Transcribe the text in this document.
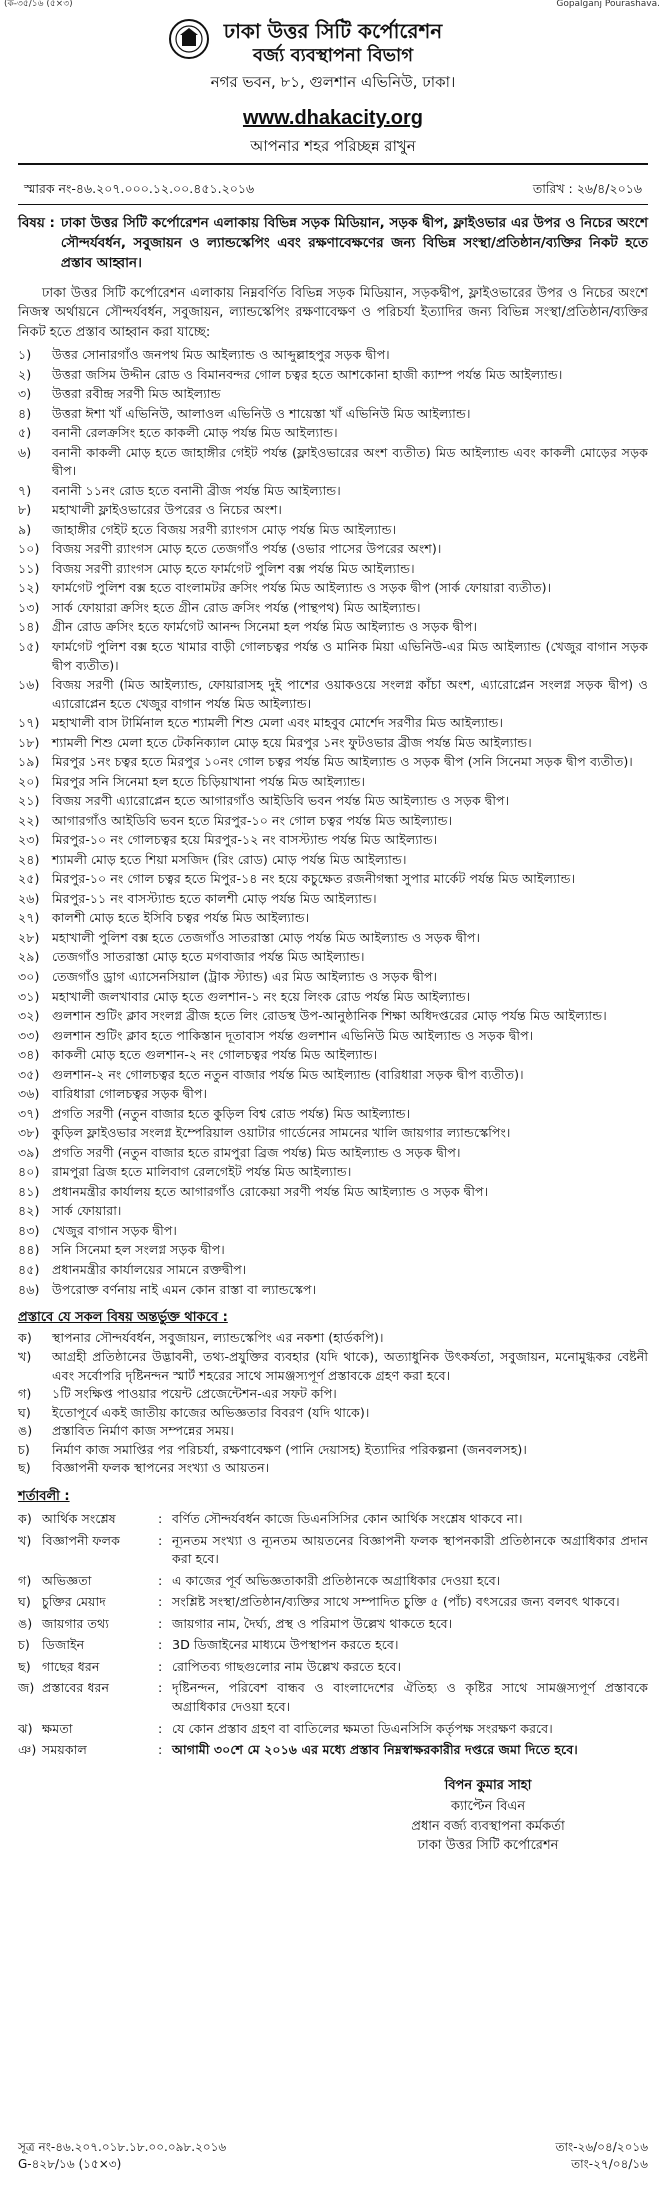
(ক-৩৫/১৬ (৫×৩)	Gopalganj Pourashava.
ঢাকা উত্তর সিটি কর্পোরেশন
বর্জ্য ব্যবস্থাপনা বিভাগ
নগর ভবন, ৮১, গুলশান এভিনিউ, ঢাকা।
www.dhakacity.org
আপনার শহর পরিচ্ছন্ন রাখুন
স্মারক নং-৪৬.২০৭.০০০.১২.০০.৪৫১.২০১৬	তারিখ : ২৬/৪/২০১৬
বিষয় : ঢাকা উত্তর সিটি কর্পোরেশন এলাকায় বিভিন্ন সড়ক মিডিয়ান, সড়ক দ্বীপ, ফ্লাইওভার এর উপর ও নিচের অংশে সৌন্দর্যবর্ধন, সবুজায়ন ও ল্যান্ডস্কেপিং এবং রক্ষণাবেক্ষণের জন্য বিভিন্ন সংস্থা/প্রতিষ্ঠান/ব্যক্তির নিকট হতে প্রস্তাব আহ্বান।

ঢাকা উত্তর সিটি কর্পোরেশন এলাকায় নিম্নবর্ণিত বিভিন্ন সড়ক মিডিয়ান, সড়কদ্বীপ, ফ্লাইওভারের উপর ও নিচের অংশে নিজস্ব অর্থায়নে সৌন্দর্যবর্ধন, সবুজায়ন, ল্যান্ডস্কেপিং রক্ষণাবেক্ষণ ও পরিচর্যা ইত্যাদির জন্য বিভিন্ন সংস্থা/প্রতিষ্ঠান/ব্যক্তির নিকট হতে প্রস্তাব আহ্বান করা যাচ্ছে:

১)	উত্তর সোনারগাঁও জনপথ মিড আইল্যান্ড ও আব্দুল্লাহপুর সড়ক দ্বীপ।
২)	উত্তরা জসিম উদ্দীন রোড ও বিমানবন্দর গোল চত্বর হতে আশকোনা হাজী ক্যাম্প পর্যন্ত মিড আইল্যান্ড।
৩)	উত্তরা রবীন্দ্র সরণী মিড আইল্যান্ড
৪)	উত্তরা ঈশা খাঁ এভিনিউ, আলাওল এভিনিউ ও শায়েস্তা খাঁ এভিনিউ মিড আইল্যান্ড।
৫)	বনানী রেলক্রসিং হতে কাকলী মোড় পর্যন্ত মিড আইল্যান্ড।
৬)	বনানী কাকলী মোড় হতে জাহাঙ্গীর গেইট পর্যন্ত (ফ্লাইওভারের অংশ ব্যতীত) মিড আইল্যান্ড এবং কাকলী মোড়ের সড়ক দ্বীপ।
৭)	বনানী ১১নং রোড হতে বনানী ব্রীজ পর্যন্ত মিড আইল্যান্ড।
৮)	মহাখালী ফ্লাইওভারের উপরের ও নিচের অংশ।
৯)	জাহাঙ্গীর গেইট হতে বিজয় সরণী র‍্যাংগস মোড় পর্যন্ত মিড আইল্যান্ড।
১০) বিজয় সরণী র‍্যাংগস মোড় হতে তেজগাঁও পর্যন্ত (ওভার পাসের উপরের অংশ)।
১১) বিজয় সরণী র‍্যাংগস মোড় হতে ফার্মগেট পুলিশ বক্স পর্যন্ত মিড আইল্যান্ড।
১২) ফার্মগেট পুলিশ বক্স হতে বাংলামটর ক্রসিং পর্যন্ত মিড আইল্যান্ড ও সড়ক দ্বীপ (সার্ক ফোয়ারা ব্যতীত)।
১৩) সার্ক ফোয়ারা ক্রসিং হতে গ্রীন রোড ক্রসিং পর্যন্ত (পান্থপথ) মিড আইল্যান্ড।
১৪) গ্রীন রোড ক্রসিং হতে ফার্মগেট আনন্দ সিনেমা হল পর্যন্ত মিড আইল্যান্ড ও সড়ক দ্বীপ।
১৫) ফার্মগেট পুলিশ বক্স হতে খামার বাড়ী গোলচত্বর পর্যন্ত ও মানিক মিয়া এভিনিউ-এর মিড আইল্যান্ড (খেজুর বাগান সড়ক দ্বীপ ব্যতীত)।
১৬) বিজয় সরণী (মিড আইল্যান্ড, ফোয়ারাসহ দুই পাশের ওয়াকওয়ে সংলগ্ন কাঁচা অংশ, এ্যারোপ্লেন সংলগ্ন সড়ক দ্বীপ) ও এ্যারোপ্লেন হতে খেজুর বাগান পর্যন্ত মিড আইল্যান্ড।
১৭) মহাখালী বাস টার্মিনাল হতে শ্যামলী শিশু মেলা এবং মাহবুব মোর্শেদ সরণীর মিড আইল্যান্ড।
১৮) শ্যামলী শিশু মেলা হতে টেকনিক্যাল মোড় হয়ে মিরপুর ১নং ফুটওভার ব্রীজ পর্যন্ত মিড আইল্যান্ড।
১৯) মিরপুর ১নং চত্বর হতে মিরপুর ১০নং গোল চত্বর পর্যন্ত মিড আইল্যান্ড ও সড়ক দ্বীপ (সনি সিনেমা সড়ক দ্বীপ ব্যতীত)।
২০) মিরপুর সনি সিনেমা হল হতে চিড়িয়াখানা পর্যন্ত মিড আইল্যান্ড।
২১) বিজয় সরণী এ্যারোপ্লেন হতে আগারগাঁও আইডিবি ভবন পর্যন্ত মিড আইল্যান্ড ও সড়ক দ্বীপ।
২২) আগারগাঁও আইডিবি ভবন হতে মিরপুর-১০ নং গোল চত্বর পর্যন্ত মিড আইল্যান্ড।
২৩) মিরপুর-১০ নং গোলচত্বর হয়ে মিরপুর-১২ নং বাসস্ট্যান্ড পর্যন্ত মিড আইল্যান্ড।
২৪) শ্যামলী মোড় হতে শিয়া মসজিদ (রিং রোড) মোড় পর্যন্ত মিড আইল্যান্ড।
২৫) মিরপুর-১০ নং গোল চত্বর হতে মিপুর-১৪ নং হয়ে কচুক্ষেত রজনীগন্ধা সুপার মার্কেট পর্যন্ত মিড আইল্যান্ড।
২৬) মিরপুর-১১ নং বাসস্ট্যান্ড হতে কালশী মোড় পর্যন্ত মিড আইল্যান্ড।
২৭) কালশী মোড় হতে ইসিবি চত্বর পর্যন্ত মিড আইল্যান্ড।
২৮) মহাখালী পুলিশ বক্স হতে তেজগাঁও সাতরাস্তা মোড় পর্যন্ত মিড আইল্যান্ড ও সড়ক দ্বীপ।
২৯) তেজগাঁও সাতরাস্তা মোড় হতে মগবাজার পর্যন্ত মিড আইল্যান্ড।
৩০) তেজগাঁও ড্রাগ এ্যাসেনসিয়াল (ট্রাক স্ট্যান্ড) এর মিড আইল্যান্ড ও সড়ক দ্বীপ।
৩১) মহাখালী জলখাবার মোড় হতে গুলশান-১ নং হয়ে লিংক রোড পর্যন্ত মিড আইল্যান্ড।
৩২) গুলশান শুটিং ক্লাব সংলগ্ন ব্রীজ হতে লিং রোডস্থ উপ-আনুষ্ঠানিক শিক্ষা অধিদপ্তরের মোড় পর্যন্ত মিড আইল্যান্ড।
৩৩) গুলশান শুটিং ক্লাব হতে পাকিস্তান দূতাবাস পর্যন্ত গুলশান এভিনিউ মিড আইল্যান্ড ও সড়ক দ্বীপ।
৩৪) কাকলী মোড় হতে গুলশান-২ নং গোলচত্বর পর্যন্ত মিড আইল্যান্ড।
৩৫) গুলশান-২ নং গোলচত্বর হতে নতুন বাজার পর্যন্ত মিড আইল্যান্ড (বারিধারা সড়ক দ্বীপ ব্যতীত)।
৩৬) বারিধারা গোলচত্বর সড়ক দ্বীপ।
৩৭) প্রগতি সরণী (নতুন বাজার হতে কুড়িল বিশ্ব রোড পর্যন্ত) মিড আইল্যান্ড।
৩৮) কুড়িল ফ্লাইওভার সংলগ্ন ইম্পেরিয়াল ওয়াটার গার্ডেনের সামনের খালি জায়গার ল্যান্ডস্কেপিং।
৩৯) প্রগতি সরণী (নতুন বাজার হতে রামপুরা ব্রিজ পর্যন্ত) মিড আইল্যান্ড ও সড়ক দ্বীপ।
৪০) রামপুরা ব্রিজ হতে মালিবাগ রেলগেইট পর্যন্ত মিড আইল্যান্ড।
৪১) প্রধানমন্ত্রীর কার্যালয় হতে আগারগাঁও রোকেয়া সরণী পর্যন্ত মিড আইল্যান্ড ও সড়ক দ্বীপ।
৪২) সার্ক ফোয়ারা।
৪৩) খেজুর বাগান সড়ক দ্বীপ।
৪৪) সনি সিনেমা হল সংলগ্ন সড়ক দ্বীপ।
৪৫) প্রধানমন্ত্রীর কার্যালয়ের সামনে রক্তদ্বীপ।
৪৬) উপরোক্ত বর্ণনায় নাই এমন কোন রাস্তা বা ল্যান্ডস্কেপ।
প্রস্তাবে যে সকল বিষয় অন্তর্ভুক্ত থাকবে :
ক)	স্থাপনার সৌন্দর্যবর্ধন, সবুজায়ন, ল্যান্ডস্কেপিং এর নকশা (হার্ডকপি)।
খ)	আগ্রহী প্রতিষ্ঠানের উদ্ভাবনী, তথ্য-প্রযুক্তির ব্যবহার (যদি থাকে), অত্যাধুনিক উৎকর্ষতা, সবুজায়ন, মনোমুগ্ধকর বেষ্টনী এবং সর্বোপরি দৃষ্টিনন্দন স্মার্ট শহরের সাথে সামঞ্জস্যপূর্ণ প্রস্তাবকে গ্রহণ করা হবে।
গ)	১টি সংক্ষিপ্ত পাওয়ার পয়েন্ট প্রেজেন্টেশন-এর সফট কপি।
ঘ)	ইতোপূর্বে একই জাতীয় কাজের অভিজ্ঞতার বিবরণ (যদি থাকে)।
ঙ)	প্রস্তাবিত নির্মাণ কাজ সম্পন্নের সময়।
চ)	নির্মাণ কাজ সমাপ্তির পর পরিচর্যা, রক্ষণাবেক্ষণ (পানি দেয়াসহ) ইত্যাদির পরিকল্পনা (জনবলসহ)।
ছ)	বিজ্ঞাপনী ফলক স্থাপনের সংখ্যা ও আয়তন।
শর্তাবলী :
ক) আর্থিক সংশ্লেষ	: বর্ণিত সৌন্দর্যবর্ধন কাজে ডিএনসিসির কোন আর্থিক সংশ্লেষ থাকবে না।
খ) বিজ্ঞাপনী ফলক	: ন্যূনতম সংখ্যা ও ন্যূনতম আয়তনের বিজ্ঞাপনী ফলক স্থাপনকারী প্রতিষ্ঠানকে অগ্রাধিকার প্রদান করা হবে।
গ) অভিজ্ঞতা	: এ কাজের পূর্ব অভিজ্ঞতাকারী প্রতিষ্ঠানকে অগ্রাধিকার দেওয়া হবে।
ঘ) চুক্তির মেয়াদ	: সংশ্লিষ্ট সংস্থা/প্রতিষ্ঠান/ব্যক্তির সাথে সম্পাদিত চুক্তি ৫ (পাঁচ) বৎসরের জন্য বলবৎ থাকবে।
ঙ) জায়গার তথ্য	: জায়গার নাম, দৈর্ঘ্য, প্রস্থ ও পরিমাপ উল্লেখ থাকতে হবে।
চ) ডিজাইন	: 3D ডিজাইনের মাধ্যমে উপস্থাপন করতে হবে।
ছ) গাছের ধরন	: রোপিতব্য গাছগুলোর নাম উল্লেখ করতে হবে।
জ) প্রস্তাবের ধরন	: দৃষ্টিনন্দন, পরিবেশ বান্ধব ও বাংলাদেশের ঐতিহ্য ও কৃষ্টির সাথে সামঞ্জস্যপূর্ণ প্রস্তাবকে অগ্রাধিকার দেওয়া হবে।
ঝ) ক্ষমতা	: যে কোন প্রস্তাব গ্রহণ বা বাতিলের ক্ষমতা ডিএনসিসি কর্তৃপক্ষ সংরক্ষণ করবে।
ঞ) সময়কাল	: আগামী ৩০শে মে ২০১৬ এর মধ্যে প্রস্তাব নিম্নস্বাক্ষরকারীর দপ্তরে জমা দিতে হবে।
বিপন কুমার সাহা
ক্যাপ্টেন বিএন
প্রধান বর্জ্য ব্যবস্থাপনা কর্মকর্তা
ঢাকা উত্তর সিটি কর্পোরেশন
সূত্র নং-৪৬.২০৭.০১৮.১৮.০০.০৯৮.২০১৬	তাং-২৬/০৪/২০১৬
G-৪২৮/১৬ (১৫×৩)	তাং-২৭/০৪/১৬
